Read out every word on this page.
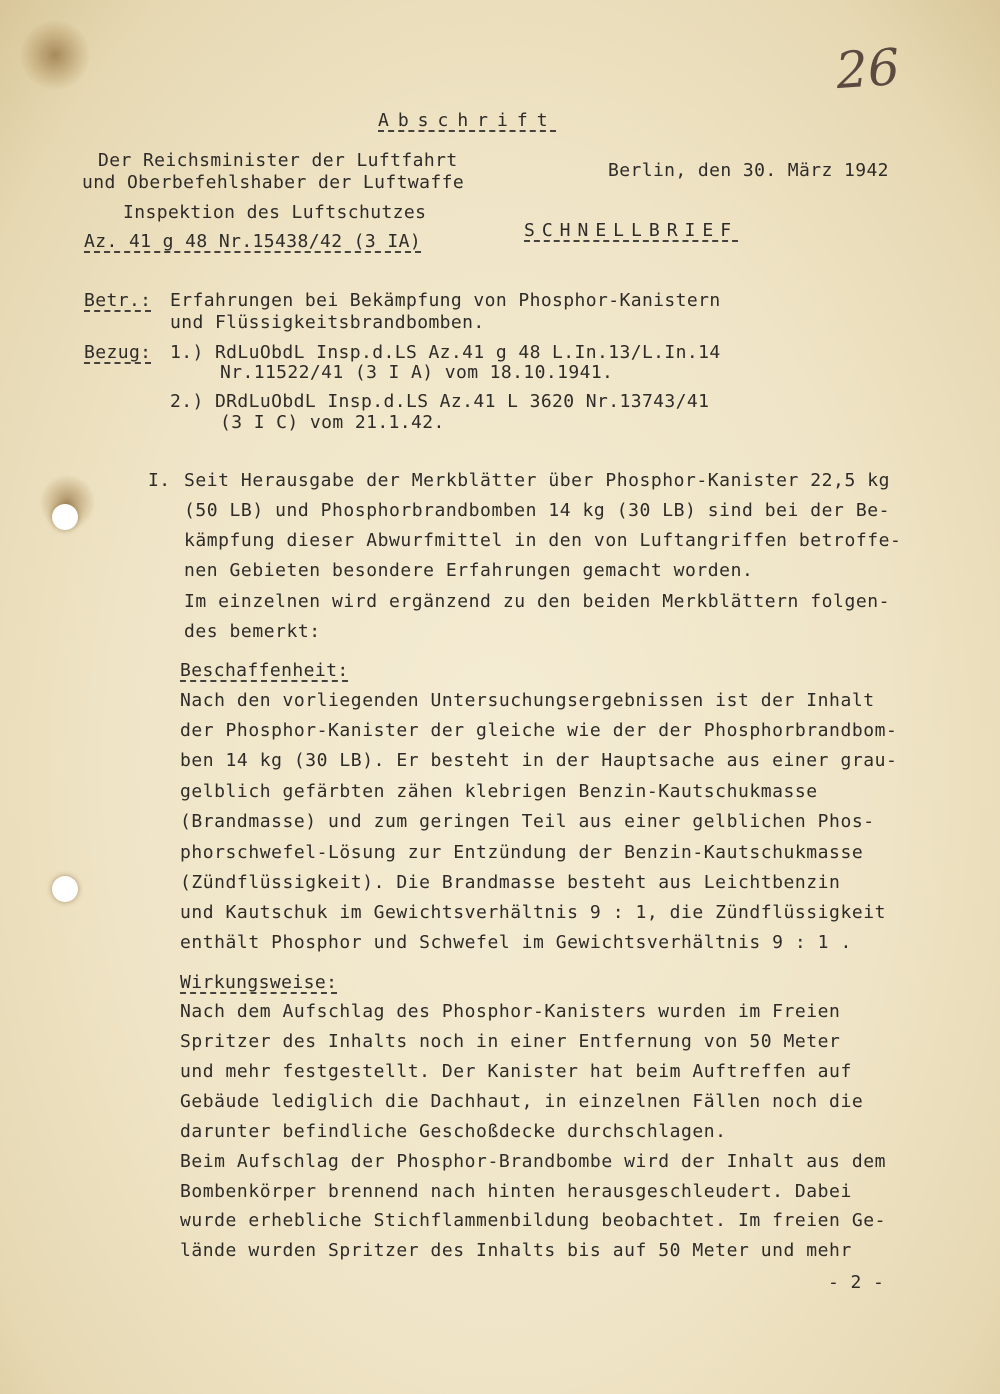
26
Abschrift
Der Reichsminister der Luftfahrt
und Oberbefehlshaber der Luftwaffe
Inspektion des Luftschutzes
Az. 41 g 48 Nr.15438/42 (3 IA)
Berlin, den 30. März 1942
SCHNELLBRIEF
Betr.: Erfahrungen bei Bekämpfung von Phosphor-Kanistern
und Flüssigkeitsbrandbomben.
Bezug: 1.) RdLuObdL Insp.d.LS Az.41 g 48 L.In.13/L.In.14
Nr.11522/41 (3 I A) vom 18.10.1941.
2.) DRdLuObdL Insp.d.LS Az.41 L 3620 Nr.13743/41
(3 I C) vom 21.1.42.
I. Seit Herausgabe der Merkblätter über Phosphor-Kanister 22,5 kg
(50 LB) und Phosphorbrandbomben 14 kg (30 LB) sind bei der Be-
kämpfung dieser Abwurfmittel in den von Luftangriffen betroffe-
nen Gebieten besondere Erfahrungen gemacht worden.
Im einzelnen wird ergänzend zu den beiden Merkblättern folgen-
des bemerkt:
Beschaffenheit:
Nach den vorliegenden Untersuchungsergebnissen ist der Inhalt
der Phosphor-Kanister der gleiche wie der der Phosphorbrandbom-
ben 14 kg (30 LB). Er besteht in der Hauptsache aus einer grau-
gelblich gefärbten zähen klebrigen Benzin-Kautschukmasse
(Brandmasse) und zum geringen Teil aus einer gelblichen Phos-
phorschwefel-Lösung zur Entzündung der Benzin-Kautschukmasse
(Zündflüssigkeit). Die Brandmasse besteht aus Leichtbenzin
und Kautschuk im Gewichtsverhältnis 9 : 1, die Zündflüssigkeit
enthält Phosphor und Schwefel im Gewichtsverhältnis 9 : 1 .
Wirkungsweise:
Nach dem Aufschlag des Phosphor-Kanisters wurden im Freien
Spritzer des Inhalts noch in einer Entfernung von 50 Meter
und mehr festgestellt. Der Kanister hat beim Auftreffen auf
Gebäude lediglich die Dachhaut, in einzelnen Fällen noch die
darunter befindliche Geschoßdecke durchschlagen.
Beim Aufschlag der Phosphor-Brandbombe wird der Inhalt aus dem
Bombenkörper brennend nach hinten herausgeschleudert. Dabei
wurde erhebliche Stichflammenbildung beobachtet. Im freien Ge-
lände wurden Spritzer des Inhalts bis auf 50 Meter und mehr
- 2 -
